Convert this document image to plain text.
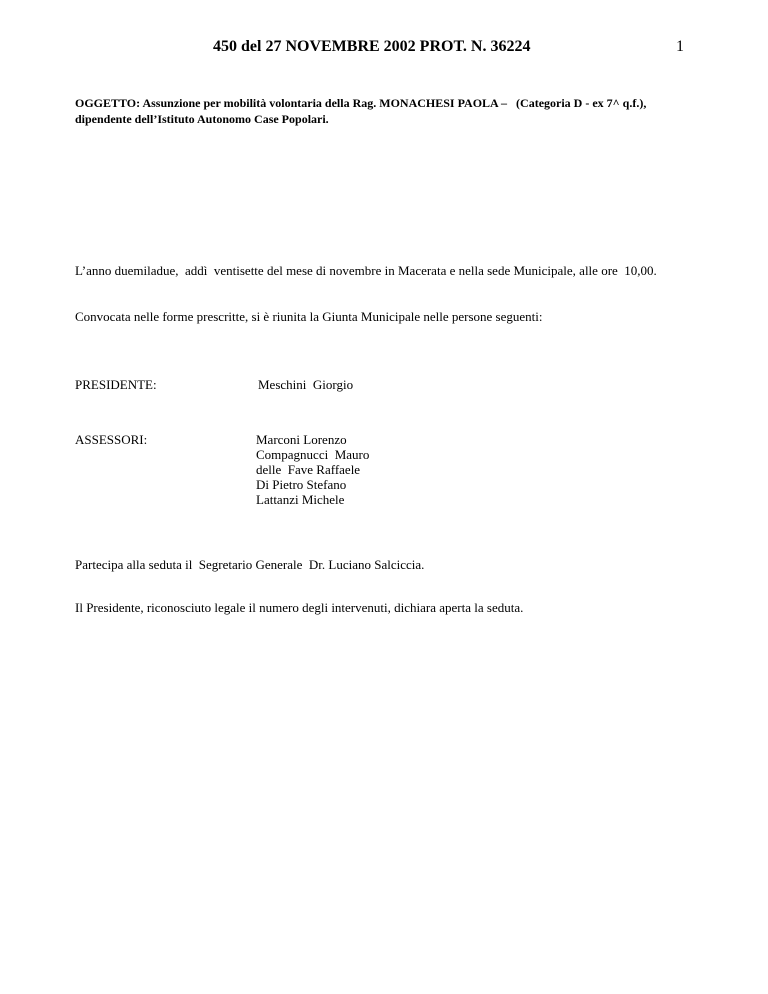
450 del 27 NOVEMBRE 2002 PROT. N. 36224	1
OGGETTO: Assunzione per mobilità volontaria della Rag. MONACHESI PAOLA –   (Categoria D - ex 7^ q.f.),
dipendente dell’Istituto Autonomo Case Popolari.
L’anno duemiladue,  addì  ventisette del mese di novembre in Macerata e nella sede Municipale, alle ore  10,00.
Convocata nelle forme prescritte, si è riunita la Giunta Municipale nelle persone seguenti:
PRESIDENTE:	Meschini  Giorgio
ASSESSORI:	Marconi Lorenzo
Compagnucci  Mauro
delle  Fave Raffaele
Di Pietro Stefano
Lattanzi Michele
Partecipa alla seduta il  Segretario Generale  Dr. Luciano Salciccia.
Il Presidente, riconosciuto legale il numero degli intervenuti, dichiara aperta la seduta.
